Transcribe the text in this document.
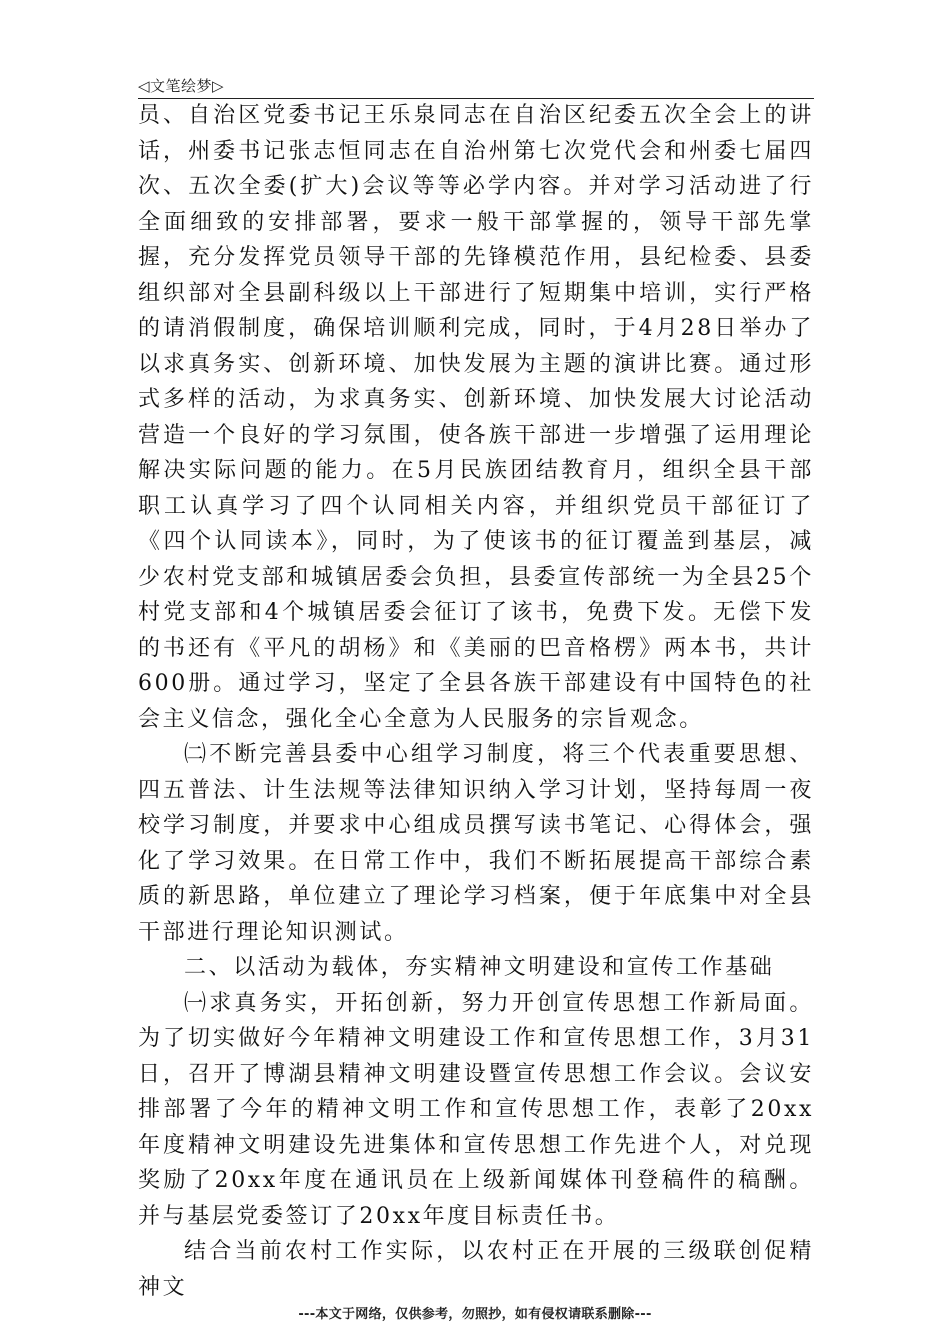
◁文笔绘梦▷

员、自治区党委书记王乐泉同志在自治区纪委五次全会上的讲话，州委书记张志恒同志在自治州第七次党代会和州委七届四次、五次全委(扩大)会议等等必学内容。并对学习活动进了行全面细致的安排部署，要求一般干部掌握的，领导干部先掌握，充分发挥党员领导干部的先锋模范作用，县纪检委、县委组织部对全县副科级以上干部进行了短期集中培训，实行严格的请消假制度，确保培训顺利完成，同时，于4月28日举办了以求真务实、创新环境、加快发展为主题的演讲比赛。通过形式多样的活动，为求真务实、创新环境、加快发展大讨论活动营造一个良好的学习氛围，使各族干部进一步增强了运用理论解决实际问题的能力。在5月民族团结教育月，组织全县干部职工认真学习了四个认同相关内容，并组织党员干部征订了《四个认同读本》，同时，为了使该书的征订覆盖到基层，减少农村党支部和城镇居委会负担，县委宣传部统一为全县25个村党支部和4个城镇居委会征订了该书，免费下发。无偿下发的书还有《平凡的胡杨》和《美丽的巴音格楞》两本书，共计600册。通过学习，坚定了全县各族干部建设有中国特色的社会主义信念，强化全心全意为人民服务的宗旨观念。

㈡不断完善县委中心组学习制度，将三个代表重要思想、四五普法、计生法规等法律知识纳入学习计划，坚持每周一夜校学习制度，并要求中心组成员撰写读书笔记、心得体会，强化了学习效果。在日常工作中，我们不断拓展提高干部综合素质的新思路，单位建立了理论学习档案，便于年底集中对全县干部进行理论知识测试。

二、以活动为载体，夯实精神文明建设和宣传工作基础

㈠求真务实，开拓创新，努力开创宣传思想工作新局面。为了切实做好今年精神文明建设工作和宣传思想工作，3月31日，召开了博湖县精神文明建设暨宣传思想工作会议。会议安排部署了今年的精神文明工作和宣传思想工作，表彰了20xx年度精神文明建设先进集体和宣传思想工作先进个人，对兑现奖励了20xx年度在通讯员在上级新闻媒体刊登稿件的稿酬。并与基层党委签订了20xx年度目标责任书。

结合当前农村工作实际，以农村正在开展的三级联创促精神文

---本文于网络，仅供参考，勿照抄，如有侵权请联系删除---
